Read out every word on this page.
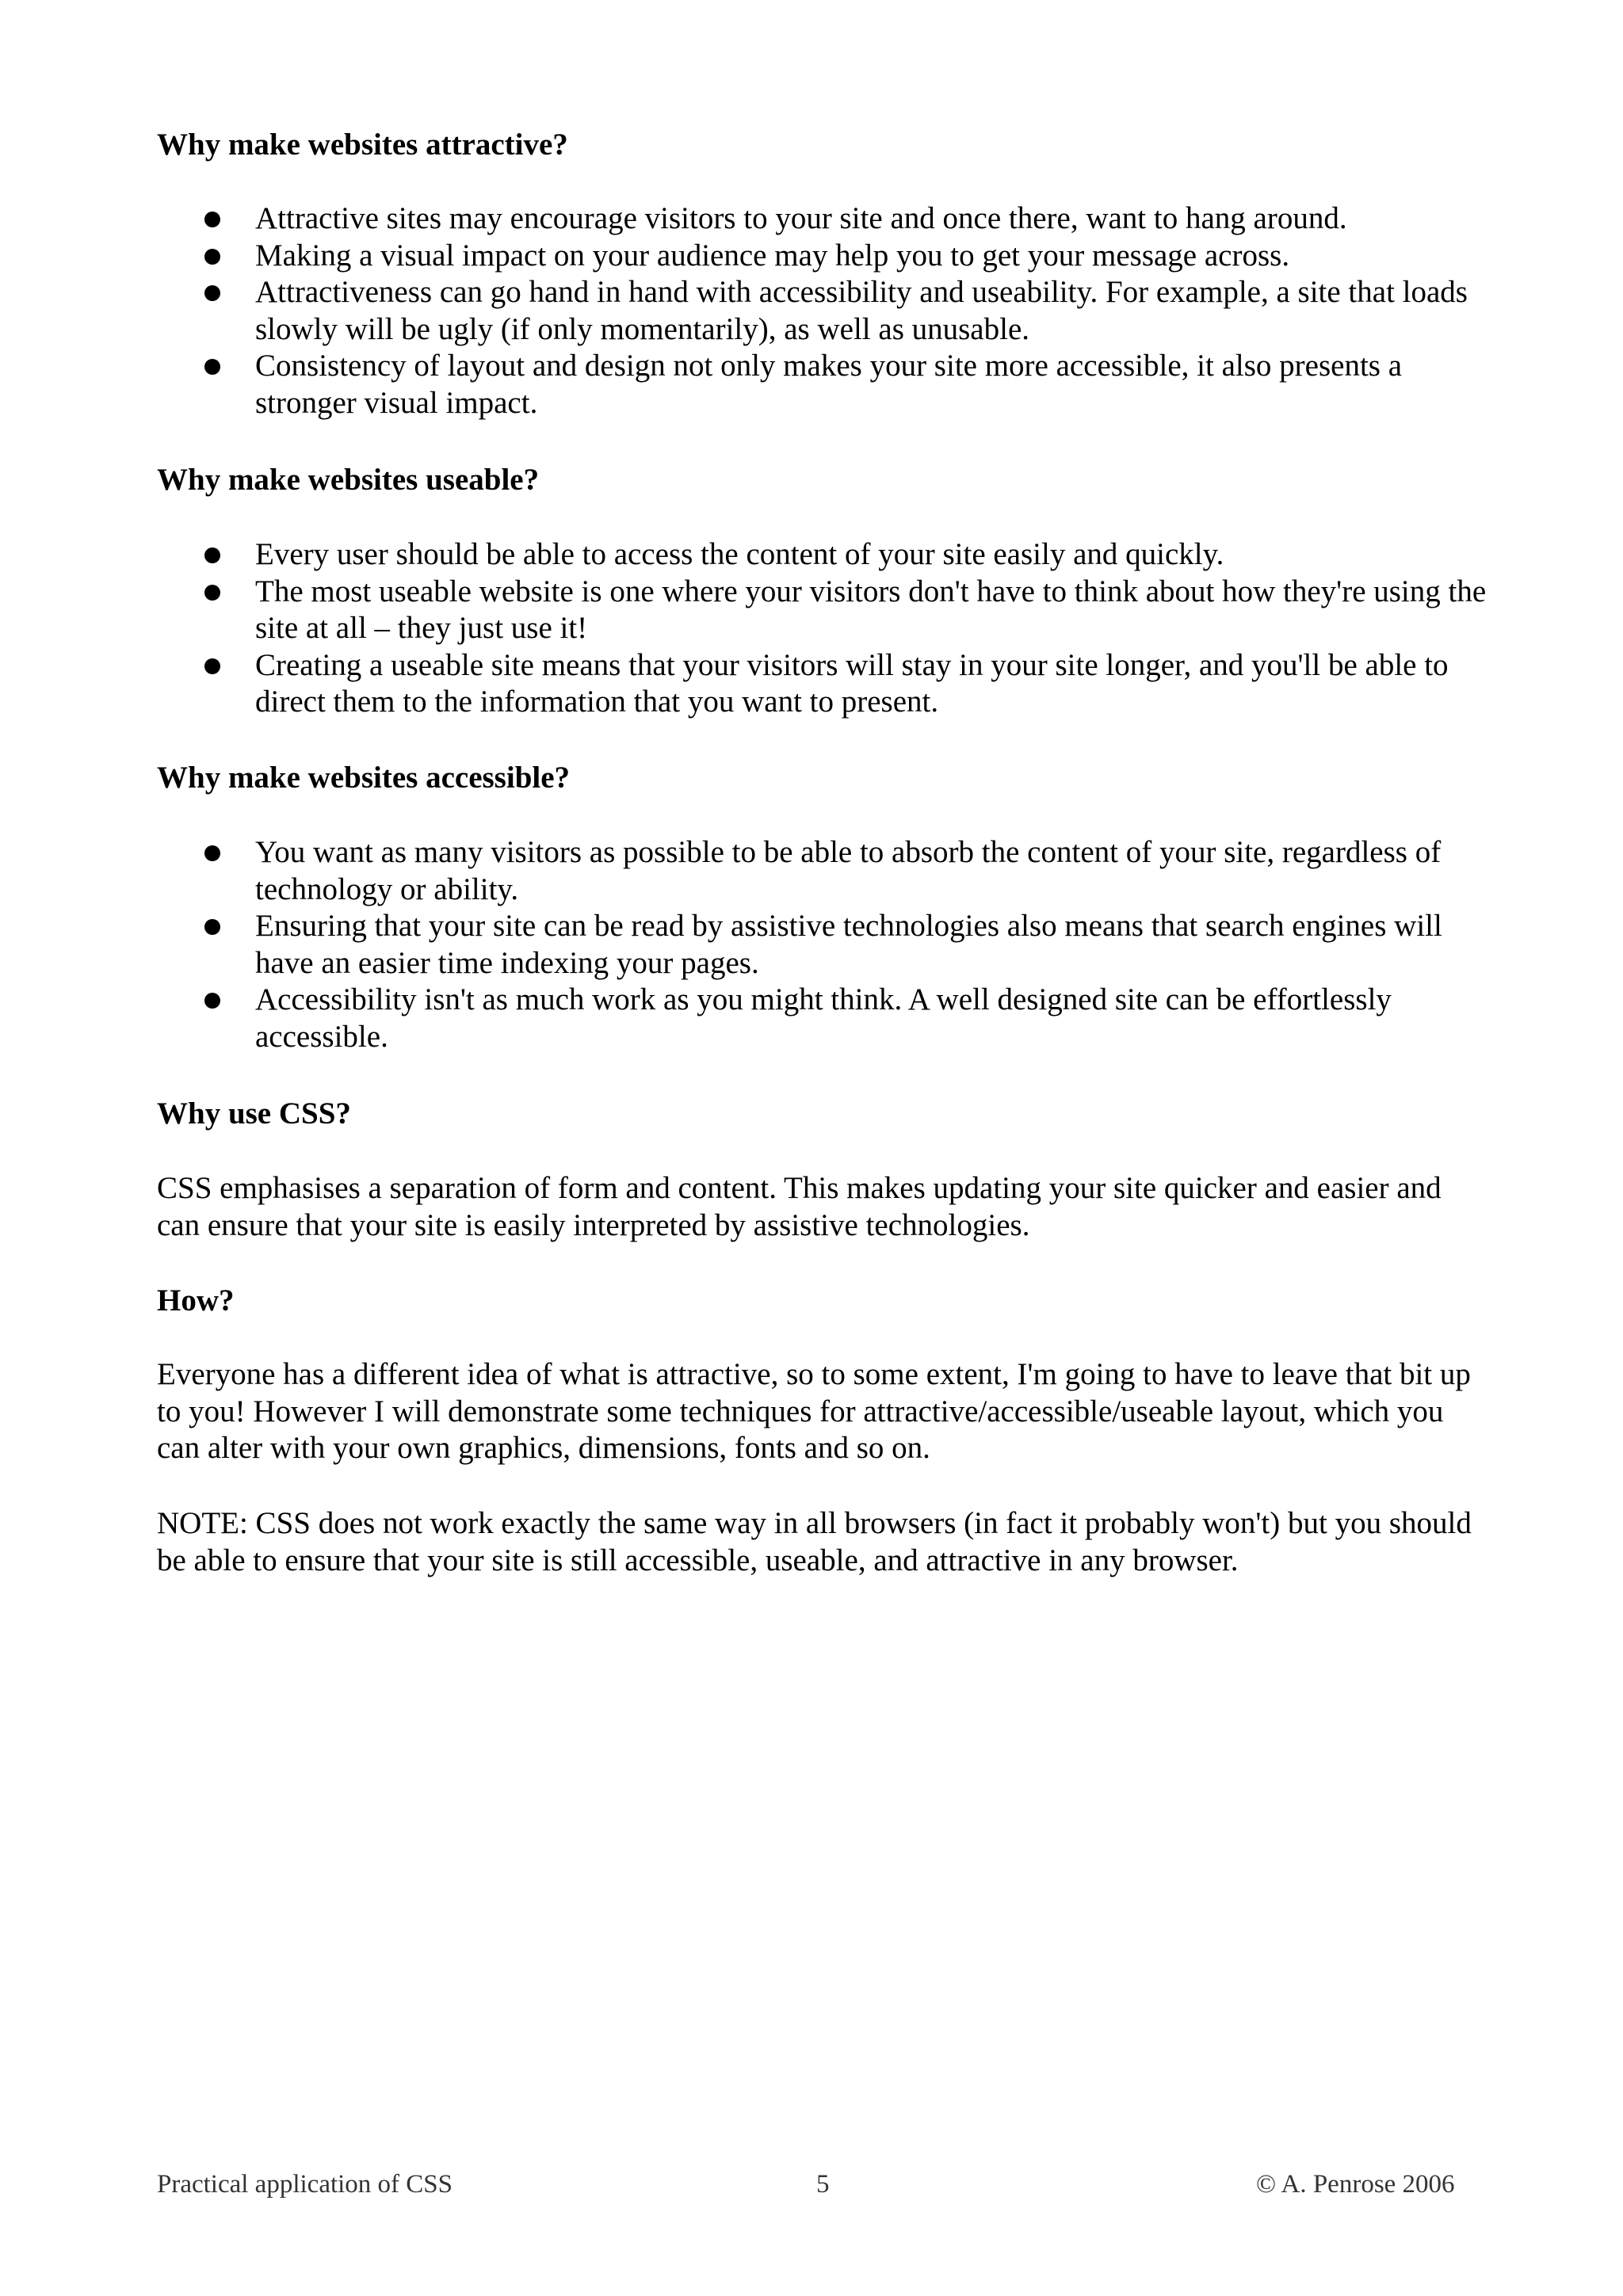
Why make websites attractive?
Attractive sites may encourage visitors to your site and once there, want to hang around.
Making a visual impact on your audience may help you to get your message across.
Attractiveness can go hand in hand with accessibility and useability. For example, a site that loads slowly will be ugly (if only momentarily), as well as unusable.
Consistency of layout and design not only makes your site more accessible, it also presents a stronger visual impact.
Why make websites useable?
Every user should be able to access the content of your site easily and quickly.
The most useable website is one where your visitors don't have to think about how they're using the site at all – they just use it!
Creating a useable site means that your visitors will stay in your site longer, and you'll be able to direct them to the information that you want to present.
Why make websites accessible?
You want as many visitors as possible to be able to absorb the content of your site, regardless of technology or ability.
Ensuring that your site can be read by assistive technologies also means that search engines will have an easier time indexing your pages.
Accessibility isn't as much work as you might think. A well designed site can be effortlessly accessible.
Why use CSS?

CSS emphasises a separation of form and content. This makes updating your site quicker and easier and can ensure that your site is easily interpreted by assistive technologies.

How?

Everyone has a different idea of what is attractive, so to some extent, I'm going to have to leave that bit up to you! However I will demonstrate some techniques for attractive/accessible/useable layout, which you can alter with your own graphics, dimensions, fonts and so on.

NOTE: CSS does not work exactly the same way in all browsers (in fact it probably won't) but you should be able to ensure that your site is still accessible, useable, and attractive in any browser.

Practical application of CSS	5	© A. Penrose 2006
